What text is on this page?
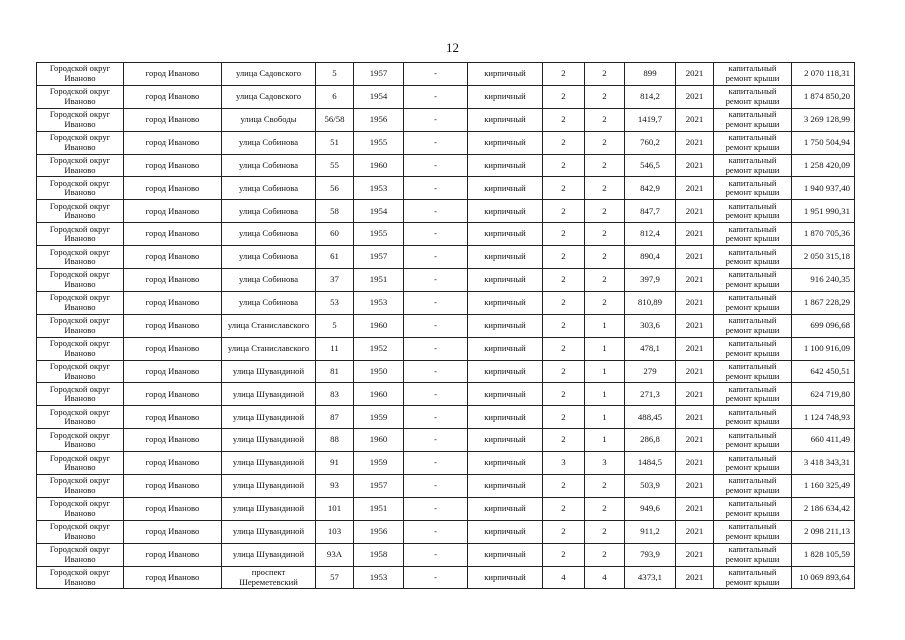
12
Городской округ Иваново	город Иваново	улица Садовского	5	1957	-	кирпичный	2	2	899	2021	капитальный ремонт крыши	2 070 118,31
Городской округ Иваново	город Иваново	улица Садовского	6	1954	-	кирпичный	2	2	814,2	2021	капитальный ремонт крыши	1 874 850,20
Городской округ Иваново	город Иваново	улица Свободы	56/58	1956	-	кирпичный	2	2	1419,7	2021	капитальный ремонт крыши	3 269 128,99
Городской округ Иваново	город Иваново	улица Собинова	51	1955	-	кирпичный	2	2	760,2	2021	капитальный ремонт крыши	1 750 504,94
Городской округ Иваново	город Иваново	улица Собинова	55	1960	-	кирпичный	2	2	546,5	2021	капитальный ремонт крыши	1 258 420,09
Городской округ Иваново	город Иваново	улица Собинова	56	1953	-	кирпичный	2	2	842,9	2021	капитальный ремонт крыши	1 940 937,40
Городской округ Иваново	город Иваново	улица Собинова	58	1954	-	кирпичный	2	2	847,7	2021	капитальный ремонт крыши	1 951 990,31
Городской округ Иваново	город Иваново	улица Собинова	60	1955	-	кирпичный	2	2	812,4	2021	капитальный ремонт крыши	1 870 705,36
Городской округ Иваново	город Иваново	улица Собинова	61	1957	-	кирпичный	2	2	890,4	2021	капитальный ремонт крыши	2 050 315,18
Городской округ Иваново	город Иваново	улица Собинова	37	1951	-	кирпичный	2	2	397,9	2021	капитальный ремонт крыши	916 240,35
Городской округ Иваново	город Иваново	улица Собинова	53	1953	-	кирпичный	2	2	810,89	2021	капитальный ремонт крыши	1 867 228,29
Городской округ Иваново	город Иваново	улица Станиславского	5	1960	-	кирпичный	2	1	303,6	2021	капитальный ремонт крыши	699 096,68
Городской округ Иваново	город Иваново	улица Станиславского	11	1952	-	кирпичный	2	1	478,1	2021	капитальный ремонт крыши	1 100 916,09
Городской округ Иваново	город Иваново	улица Шувандиной	81	1950	-	кирпичный	2	1	279	2021	капитальный ремонт крыши	642 450,51
Городской округ Иваново	город Иваново	улица Шувандиной	83	1960	-	кирпичный	2	1	271,3	2021	капитальный ремонт крыши	624 719,80
Городской округ Иваново	город Иваново	улица Шувандиной	87	1959	-	кирпичный	2	1	488,45	2021	капитальный ремонт крыши	1 124 748,93
Городской округ Иваново	город Иваново	улица Шувандиной	88	1960	-	кирпичный	2	1	286,8	2021	капитальный ремонт крыши	660 411,49
Городской округ Иваново	город Иваново	улица Шувандиной	91	1959	-	кирпичный	3	3	1484,5	2021	капитальный ремонт крыши	3 418 343,31
Городской округ Иваново	город Иваново	улица Шувандиной	93	1957	-	кирпичный	2	2	503,9	2021	капитальный ремонт крыши	1 160 325,49
Городской округ Иваново	город Иваново	улица Шувандиной	101	1951	-	кирпичный	2	2	949,6	2021	капитальный ремонт крыши	2 186 634,42
Городской округ Иваново	город Иваново	улица Шувандиной	103	1956	-	кирпичный	2	2	911,2	2021	капитальный ремонт крыши	2 098 211,13
Городской округ Иваново	город Иваново	улица Шувандиной	93А	1958	-	кирпичный	2	2	793,9	2021	капитальный ремонт крыши	1 828 105,59
Городской округ Иваново	город Иваново	проспект Шереметевский	57	1953	-	кирпичный	4	4	4373,1	2021	капитальный ремонт крыши	10 069 893,64
